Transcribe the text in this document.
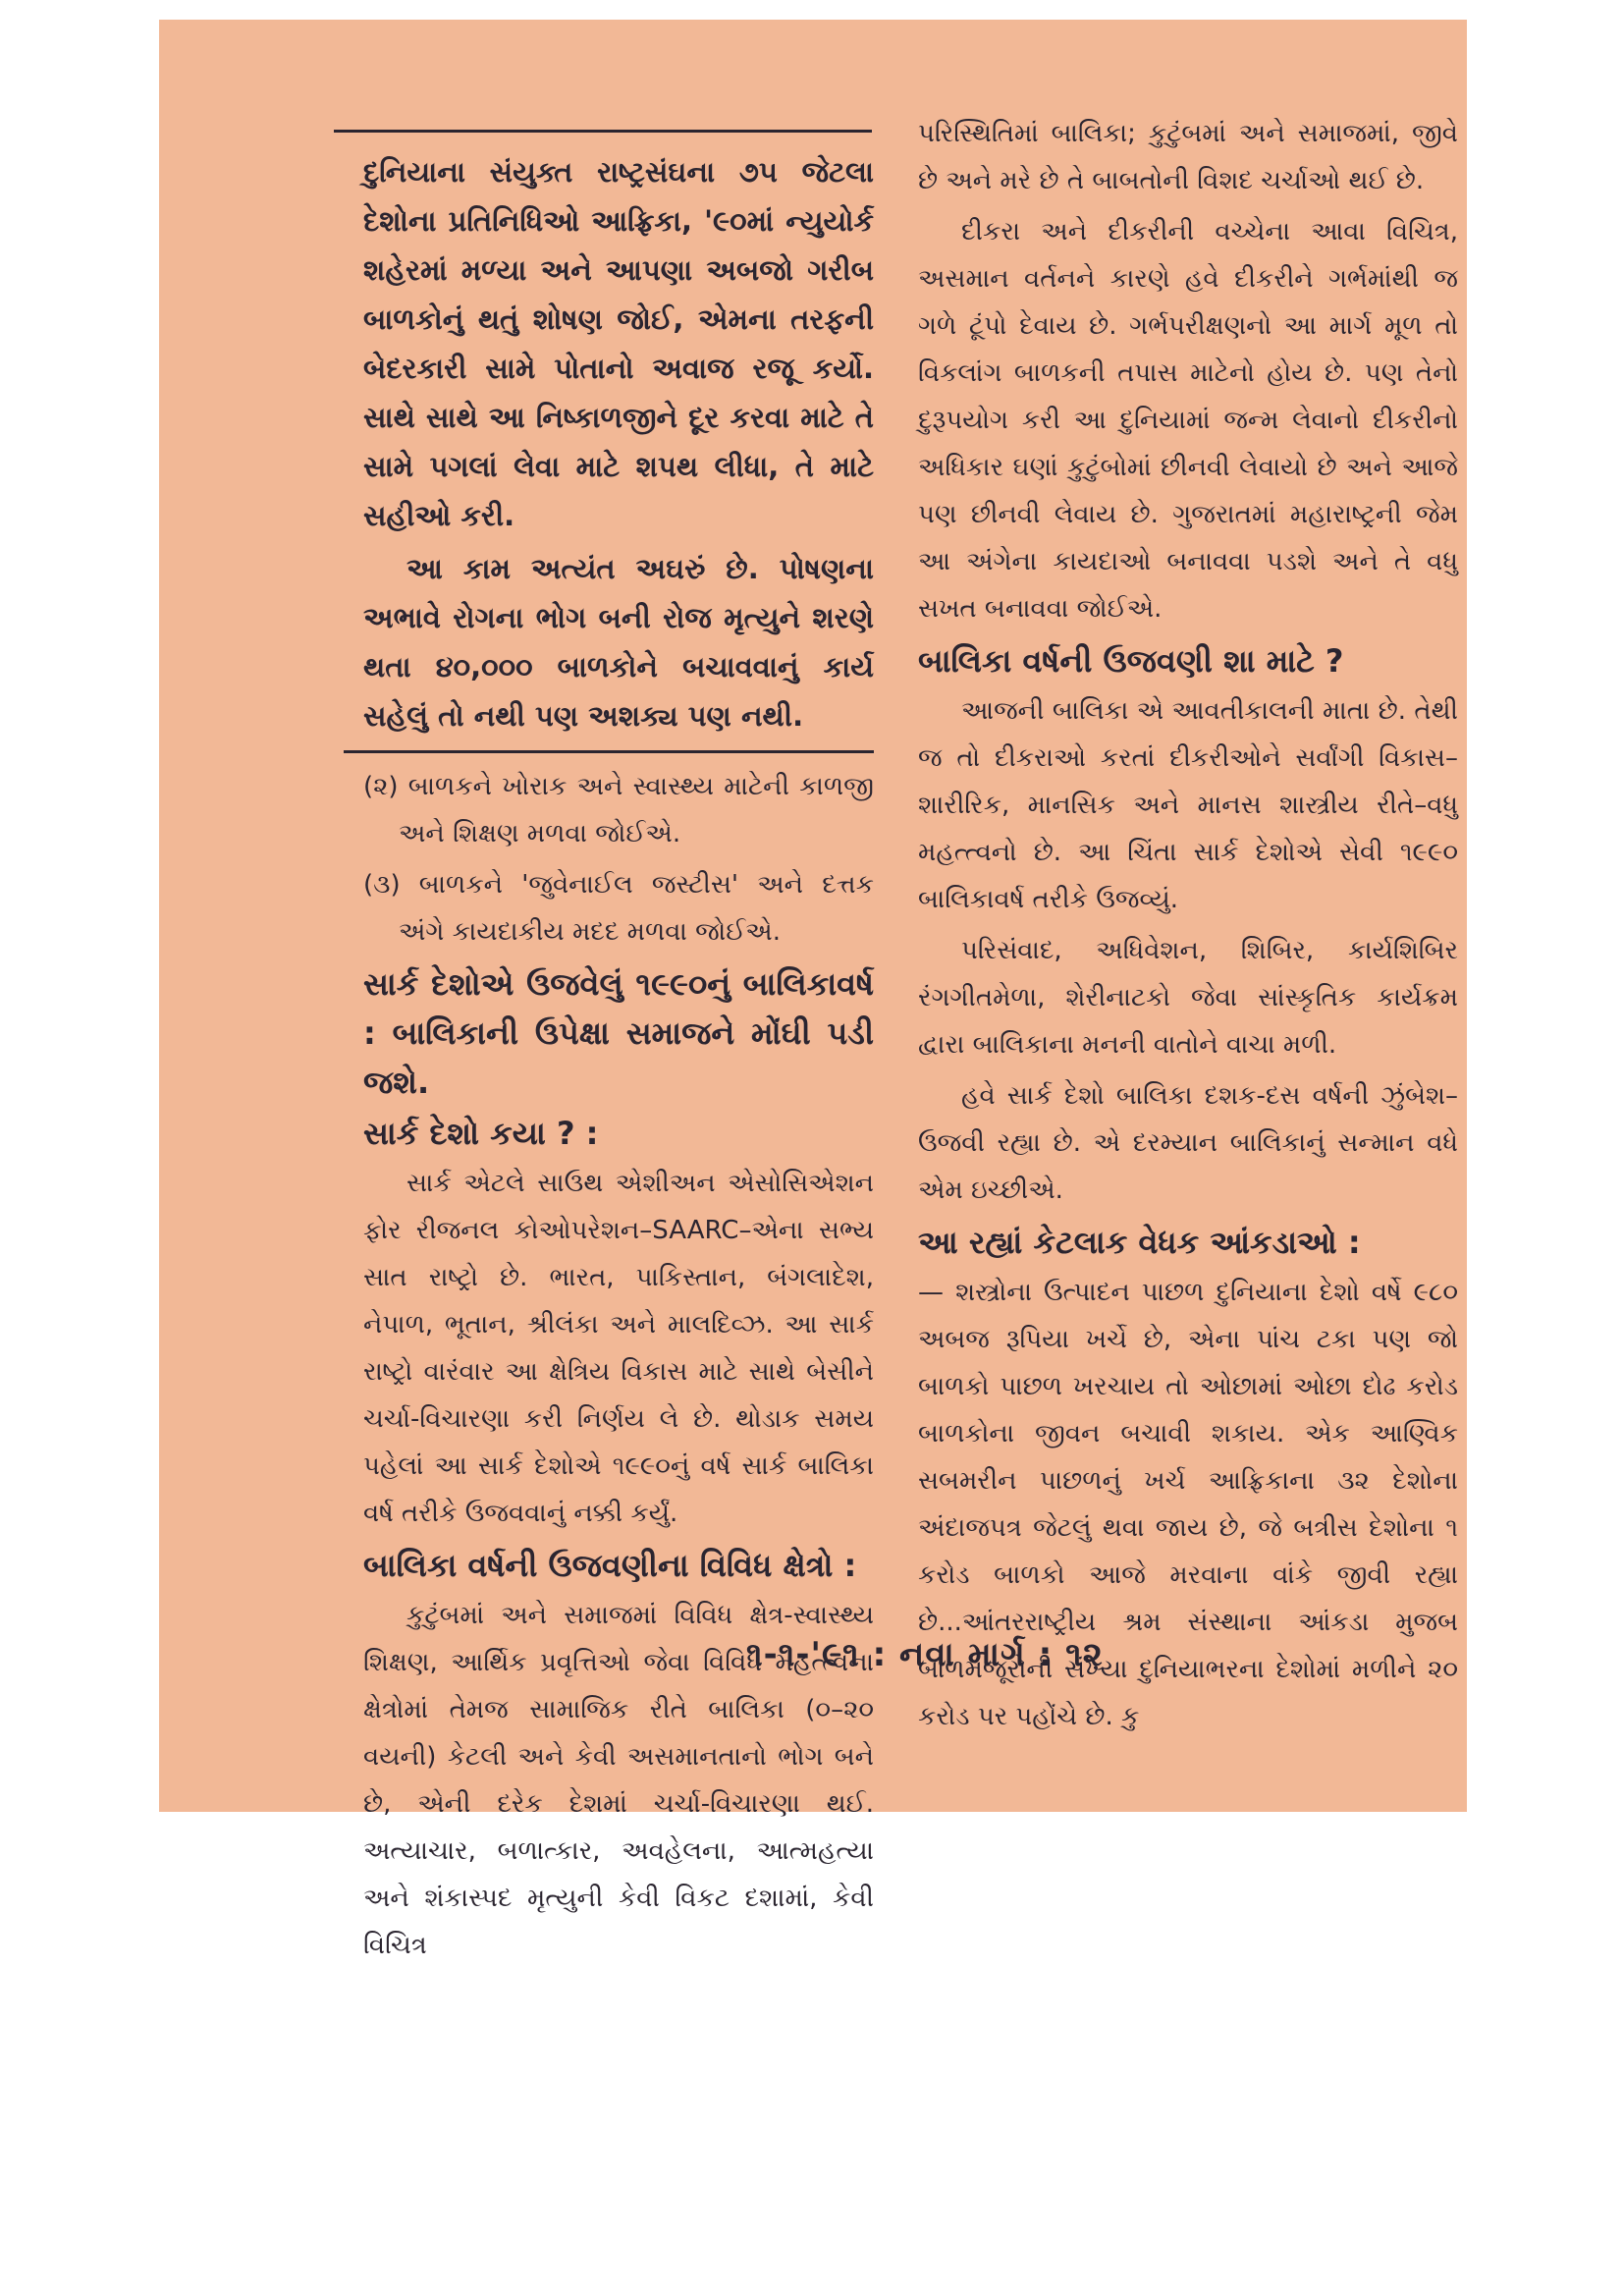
દુનિયાના સંયુક્ત રાષ્ટ્રસંઘના ૭૫ જેટલા દેશોના પ્રતિનિધિઓ આફ્રિકા, '૯૦માં ન્યુયોર્ક શહેરમાં મળ્યા અને આપણા અબજો ગરીબ બાળકોનું થતું શોષણ જોઈ, એમના તરફની બેદરકારી સામે પોતાનો અવાજ રજૂ કર્યો. સાથે સાથે આ નિષ્કાળજીને દૂર કરવા માટે તે સામે પગલાં લેવા માટે શપથ લીધા, તે માટે સહીઓ કરી.

આ કામ અત્યંત અઘરું છે. પોષણના અભાવે રોગના ભોગ બની રોજ મૃત્યુને શરણે થતા ૪૦,૦૦૦ બાળકોને બચાવવાનું કાર્ય સહેલું તો નથી પણ અશક્ય પણ નથી.

(૨) બાળકને ખોરાક અને સ્વાસ્થ્ય માટેની કાળજી અને શિક્ષણ મળવા જોઈએ.

(૩) બાળકને 'જુવેનાઈલ જસ્ટીસ' અને દત્તક અંગે કાયદાકીય મદદ મળવા જોઈએ.

સાર્ક દેશોએ ઉજવેલું ૧૯૯૦નું બાલિકાવર્ષ : બાલિકાની ઉપેક્ષા સમાજને મોંઘી પડી જશે.
સાર્ક દેશો કયા ? :

સાર્ક એટલે સાઉથ એશીઅન એસોસિએશન ફોર રીજનલ કોઓપરેશન–SAARC–એના સભ્ય સાત રાષ્ટ્રો છે. ભારત, પાકિસ્તાન, બંગલાદેશ, નેપાળ, ભૂતાન, શ્રીલંકા અને માલદિવ્ઝ. આ સાર્ક રાષ્ટ્રો વારંવાર આ ક્ષેત્રિય વિકાસ માટે સાથે બેસીને ચર્ચા-વિચારણા કરી નિર્ણય લે છે. થોડાક સમય પહેલાં આ સાર્ક દેશોએ ૧૯૯૦નું વર્ષ સાર્ક બાલિકા વર્ષ તરીકે ઉજવવાનું નક્કી કર્યું.

બાલિકા વર્ષની ઉજવણીના વિવિધ ક્ષેત્રો :

કુટુંબમાં અને સમાજમાં વિવિધ ક્ષેત્ર-સ્વાસ્થ્ય શિક્ષણ, આર્થિક પ્રવૃત્તિઓ જેવા વિવિધ મહત્ત્વના ક્ષેત્રોમાં તેમજ સામાજિક રીતે બાલિકા (૦–૨૦ વયની) કેટલી અને કેવી અસમાનતાનો ભોગ બને છે, એની દરેક દેશમાં ચર્ચા-વિચારણા થઈ. અત્યાચાર, બળાત્કાર, અવહેલના, આત્મહત્યા અને શંકાસ્પદ મૃત્યુની કેવી વિકટ દશામાં, કેવી વિચિત્ર

પરિસ્થિતિમાં બાલિકા; કુટુંબમાં અને સમાજમાં, જીવે છે અને મરે છે તે બાબતોની વિશદ ચર્ચાઓ થઈ છે.

દીકરા અને દીકરીની વચ્ચેના આવા વિચિત્ર, અસમાન વર્તનને કારણે હવે દીકરીને ગર્ભમાંથી જ ગળે ટૂંપો દેવાય છે. ગર્ભપરીક્ષણનો આ માર્ગ મૂળ તો વિકલાંગ બાળકની તપાસ માટેનો હોય છે. પણ તેનો દુરૂપયોગ કરી આ દુનિયામાં જન્મ લેવાનો દીકરીનો અધિકાર ઘણાં કુટુંબોમાં છીનવી લેવાયો છે અને આજે પણ છીનવી લેવાય છે. ગુજરાતમાં મહારાષ્ટ્રની જેમ આ અંગેના કાયદાઓ બનાવવા પડશે અને તે વધુ સખત બનાવવા જોઈએ.

બાલિકા વર્ષની ઉજવણી શા માટે ?

આજની બાલિકા એ આવતીકાલની માતા છે. તેથી જ તો દીકરાઓ કરતાં દીકરીઓને સર્વાંગી વિકાસ–શારીરિક, માનસિક અને માનસ શાસ્ત્રીય રીતે–વધુ મહત્ત્વનો છે. આ ચિંતા સાર્ક દેશોએ સેવી ૧૯૯૦ બાલિકાવર્ષ તરીકે ઉજવ્યું.

પરિસંવાદ, અધિવેશન, શિબિર, કાર્યશિબિર રંગગીતમેળા, શેરીનાટકો જેવા સાંસ્કૃતિક કાર્યક્રમ દ્વારા બાલિકાના મનની વાતોને વાચા મળી.

હવે સાર્ક દેશો બાલિકા દશક-દસ વર્ષની ઝુંબેશ–ઉજવી રહ્યા છે. એ દરમ્યાન બાલિકાનું સન્માન વધે એમ ઇચ્છીએ.

આ રહ્યાં કેટલાક વેધક આંકડાઓ :

— શસ્ત્રોના ઉત્પાદન પાછળ દુનિયાના દેશો વર્ષે ૯૮૦ અબજ રૂપિયા ખર્ચે છે, એના પાંચ ટકા પણ જો બાળકો પાછળ ખરચાય તો ઓછામાં ઓછા દોઢ કરોડ બાળકોના જીવન બચાવી શકાય. એક આણ્વિક સબમરીન પાછળનું ખર્ચ આફ્રિકાના ૩૨ દેશોના અંદાજપત્ર જેટલું થવા જાય છે, જે બત્રીસ દેશોના ૧ કરોડ બાળકો આજે મરવાના વાંકે જીવી રહ્યા છે...આંતરરાષ્ટ્રીય શ્રમ સંસ્થાના આંકડા મુજબ બાળમજૂરોની સંખ્યા દુનિયાભરના દેશોમાં મળીને ૨૦ કરોડ પર પહોંચે છે. કુ

૧-૧-'૯૧ : નવા માર્ગ : ૧૨
